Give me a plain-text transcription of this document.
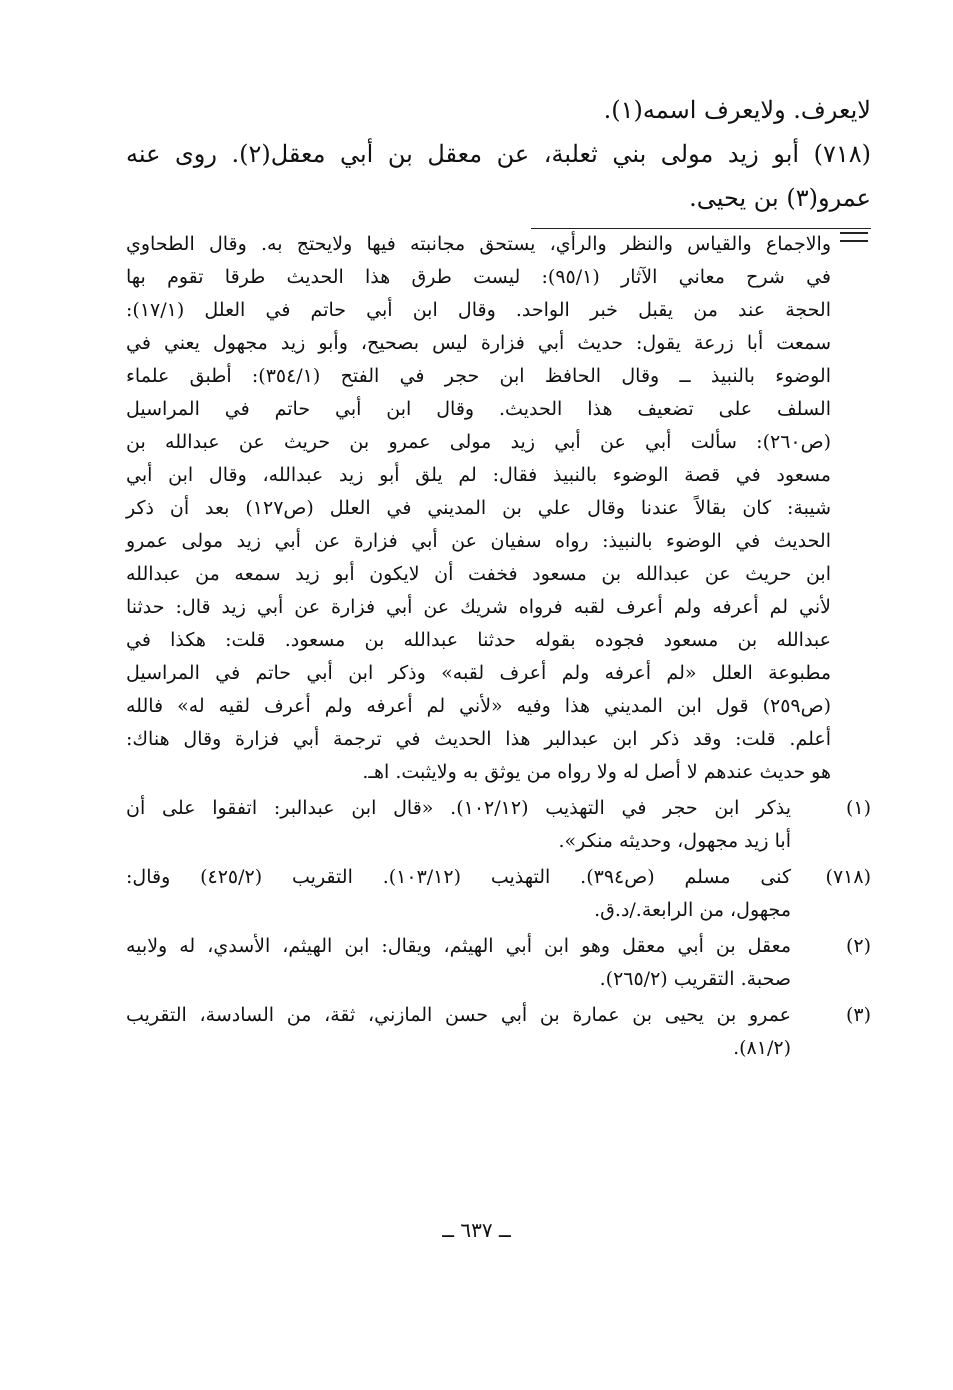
لايعرف. ولايعرف اسمه(١).

(٧١٨) أبو زيد مولى بني ثعلبة، عن معقل بن أبي معقل(٢). روى عنه عمرو(٣) بن يحيى.

والاجماع والقياس والنظر والرأي، يستحق مجانبته فيها ولايحتج به. وقال الطحاوي
في شرح معاني الآثار (٩٥/١): ليست طرق هذا الحديث طرقا تقوم بها
الحجة عند من يقبل خبر الواحد. وقال ابن أبي حاتم في العلل (١٧/١):
سمعت أبا زرعة يقول: حديث أبي فزارة ليس بصحيح، وأبو زيد مجهول يعني في
الوضوء بالنبيذ ــ وقال الحافظ ابن حجر في الفتح (٣٥٤/١): أطبق علماء
السلف على تضعيف هذا الحديث. وقال ابن أبي حاتم في المراسيل
(ص٢٦٠): سألت أبي عن أبي زيد مولى عمرو بن حريث عن عبدالله بن
مسعود في قصة الوضوء بالنبيذ فقال: لم يلق أبو زيد عبدالله، وقال ابن أبي
شيبة: كان بقالاً عندنا وقال علي بن المديني في العلل (ص١٢٧) بعد أن ذكر
الحديث في الوضوء بالنبيذ: رواه سفيان عن أبي فزارة عن أبي زيد مولى عمرو
ابن حريث عن عبدالله بن مسعود فخفت أن لايكون أبو زيد سمعه من عبدالله
لأني لم أعرفه ولم أعرف لقبه فرواه شريك عن أبي فزارة عن أبي زيد قال: حدثنا
عبدالله بن مسعود فجوده بقوله حدثنا عبدالله بن مسعود. قلت: هكذا في
مطبوعة العلل «لم أعرفه ولم أعرف لقبه» وذكر ابن أبي حاتم في المراسيل
(ص٢٥٩) قول ابن المديني هذا وفيه «لأني لم أعرفه ولم أعرف لقيه له» فالله
أعلم. قلت: وقد ذكر ابن عبدالبر هذا الحديث في ترجمة أبي فزارة وقال هناك:
هو حديث عندهم لا أصل له ولا رواه من يوثق به ولايثبت. اهـ.
(١)
يذكر ابن حجر في التهذيب (١٠٢/١٢). «قال ابن عبدالبر: اتفقوا على أن
أبا زيد مجهول، وحديثه منكر».
(٧١٨)
كنى مسلم (ص٣٩٤). التهذيب (١٠٣/١٢). التقريب (٤٢٥/٢) وقال:
مجهول، من الرابعة./د.ق.
(٢)
معقل بن أبي معقل وهو ابن أبي الهيثم، ويقال: ابن الهيثم، الأسدي، له ولابيه
صحبة. التقريب (٢٦٥/٢).
(٣)
عمرو بن يحيى بن عمارة بن أبي حسن المازني، ثقة، من السادسة، التقريب
(٨١/٢).
ــ ٦٣٧ ــ
